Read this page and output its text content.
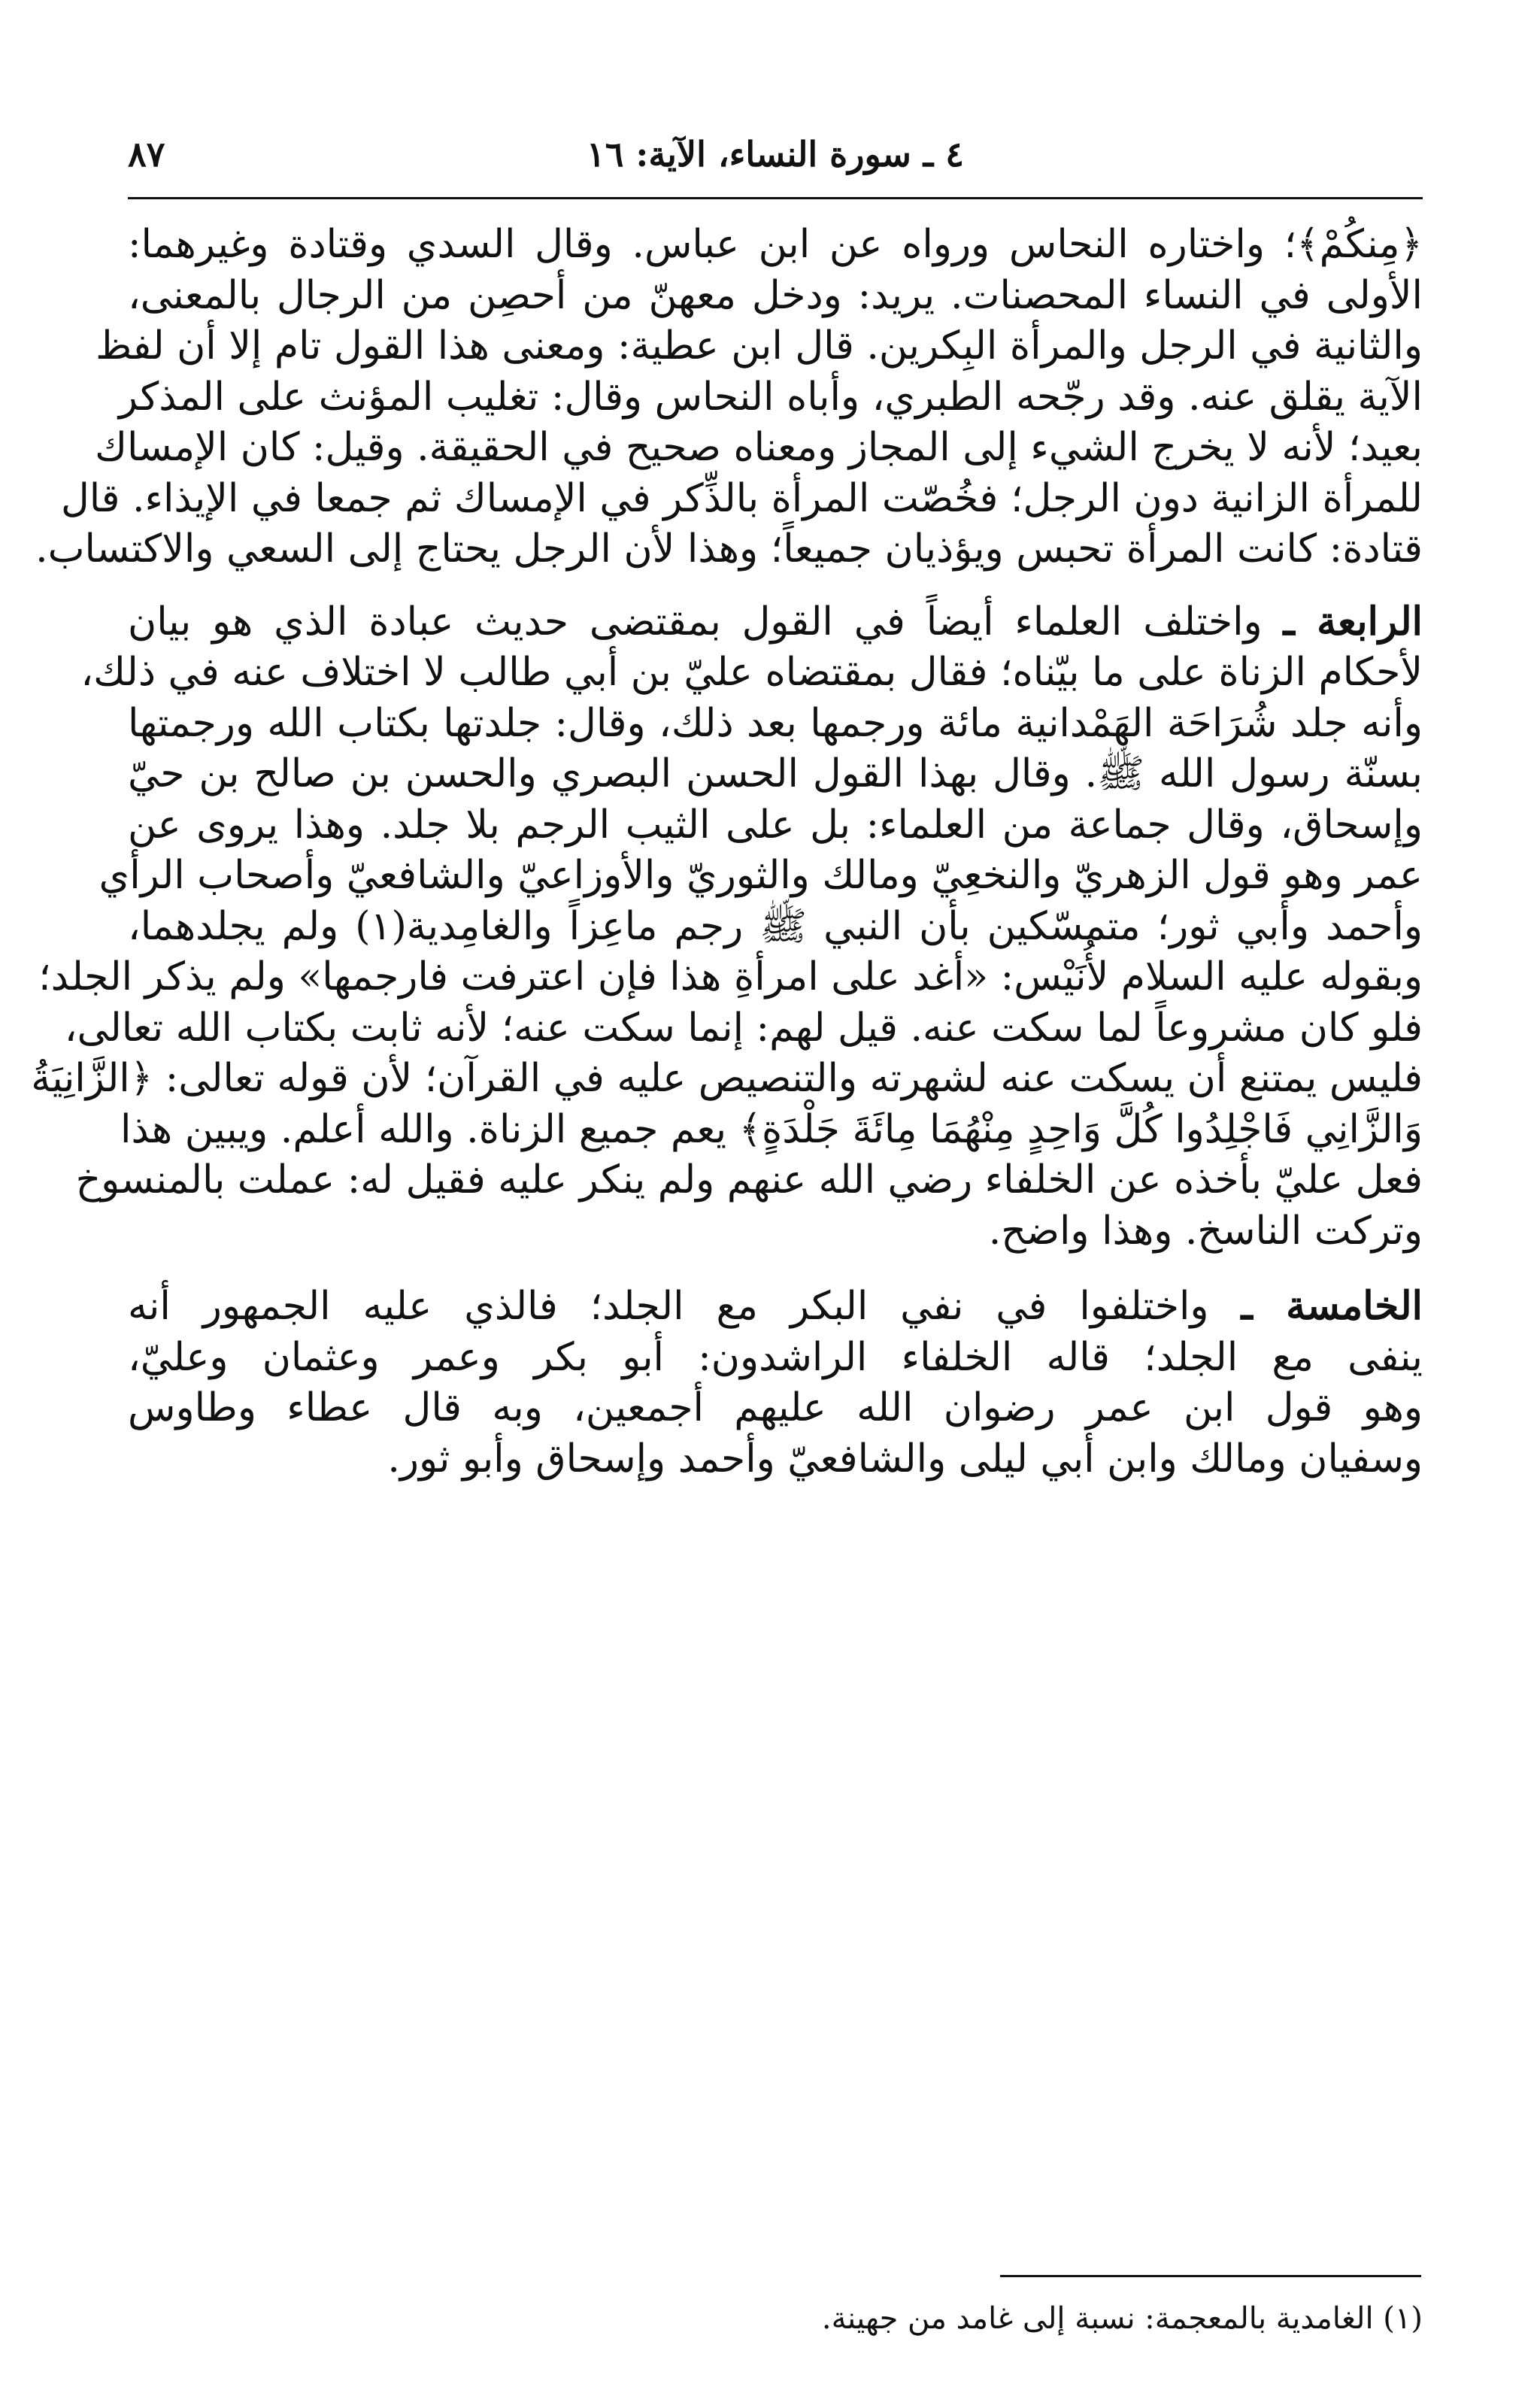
٨٧	٤ ـ سورة النساء، الآية: ١٦
﴿مِنكُمْ﴾؛ واختاره النحاس ورواه عن ابن عباس. وقال السدي وقتادة وغيرهما:
الأولى في النساء المحصنات. يريد: ودخل معهنّ من أحصِن من الرجال بالمعنى،
والثانية في الرجل والمرأة البِكرين. قال ابن عطية: ومعنى هذا القول تام إلا أن لفظ
الآية يقلق عنه. وقد رجّحه الطبري، وأباه النحاس وقال: تغليب المؤنث على المذكر
بعيد؛ لأنه لا يخرج الشيء إلى المجاز ومعناه صحيح في الحقيقة. وقيل: كان الإمساك
للمرأة الزانية دون الرجل؛ فخُصّت المرأة بالذِّكر في الإمساك ثم جمعا في الإيذاء. قال
قتادة: كانت المرأة تحبس ويؤذيان جميعاً؛ وهذا لأن الرجل يحتاج إلى السعي والاكتساب.
الرابعة ـ واختلف العلماء أيضاً في القول بمقتضى حديث عبادة الذي هو بيان
لأحكام الزناة على ما بيّناه؛ فقال بمقتضاه عليّ بن أبي طالب لا اختلاف عنه في ذلك،
وأنه جلد شُرَاحَة الهَمْدانية مائة ورجمها بعد ذلك، وقال: جلدتها بكتاب الله ورجمتها
بسنّة رسول الله ﷺ. وقال بهذا القول الحسن البصري والحسن بن صالح بن حيّ
وإسحاق، وقال جماعة من العلماء: بل على الثيب الرجم بلا جلد. وهذا يروى عن
عمر وهو قول الزهريّ والنخعِيّ ومالك والثوريّ والأوزاعيّ والشافعيّ وأصحاب الرأي
وأحمد وأبي ثور؛ متمسّكين بأن النبي ﷺ رجم ماعِزاً والغامِدية(١) ولم يجلدهما،
وبقوله عليه السلام لأُنَيْس: «أغد على امرأةِ هذا فإن اعترفت فارجمها» ولم يذكر الجلد؛
فلو كان مشروعاً لما سكت عنه. قيل لهم: إنما سكت عنه؛ لأنه ثابت بكتاب الله تعالى،
فليس يمتنع أن يسكت عنه لشهرته والتنصيص عليه في القرآن؛ لأن قوله تعالى: ﴿الزَّانِيَةُ
وَالزَّانِي فَاجْلِدُوا كُلَّ وَاحِدٍ مِنْهُمَا مِائَةَ جَلْدَةٍ﴾ يعم جميع الزناة. والله أعلم. ويبين هذا
فعل عليّ بأخذه عن الخلفاء رضي الله عنهم ولم ينكر عليه فقيل له: عملت بالمنسوخ
وتركت الناسخ. وهذا واضح.
الخامسة ـ واختلفوا في نفي البكر مع الجلد؛ فالذي عليه الجمهور أنه
ينفى مع الجلد؛ قاله الخلفاء الراشدون: أبو بكر وعمر وعثمان وعليّ،
وهو قول ابن عمر رضوان الله عليهم أجمعين، وبه قال عطاء وطاوس
وسفيان ومالك وابن أبي ليلى والشافعيّ وأحمد وإسحاق وأبو ثور.
(١) الغامدية بالمعجمة: نسبة إلى غامد من جهينة.
